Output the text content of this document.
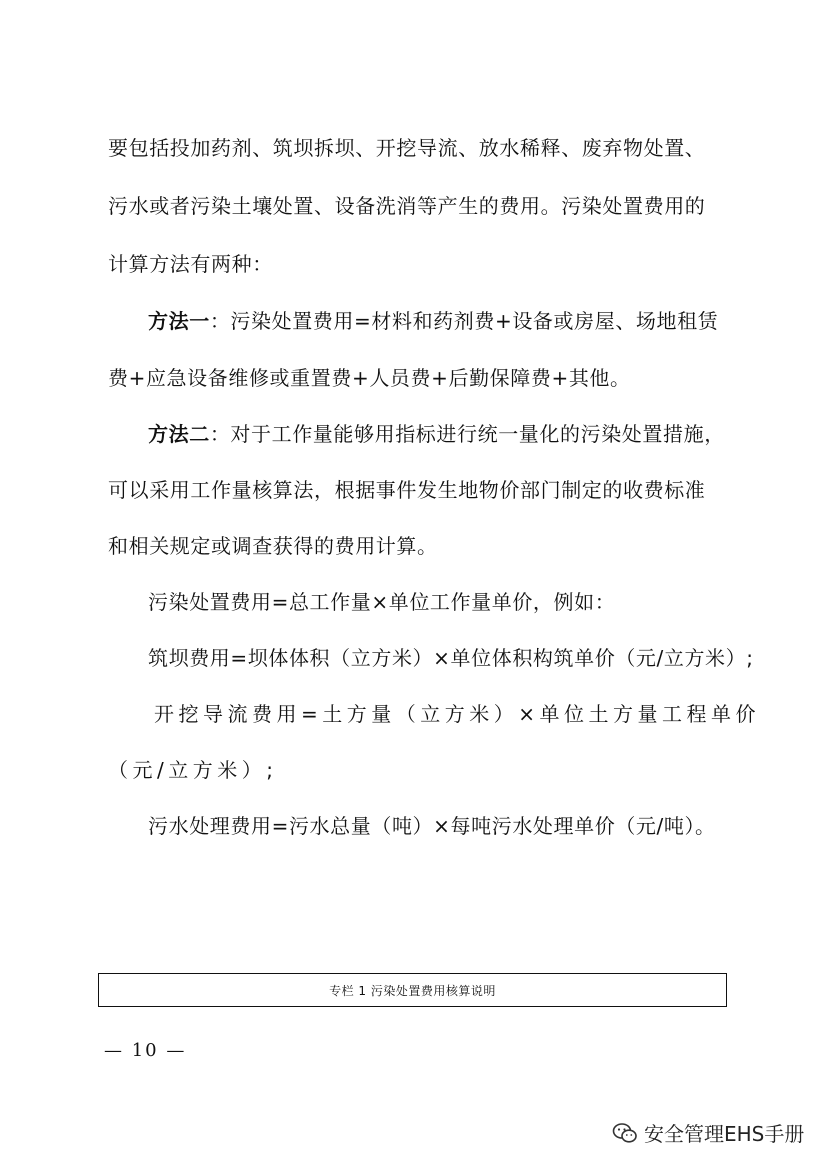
要包括投加药剂、筑坝拆坝、开挖导流、放水稀释、废弃物处置、
污水或者污染土壤处置、设备洗消等产生的费用。污染处置费用的
计算方法有两种：
方法一：污染处置费用=材料和药剂费+设备或房屋、场地租赁
费+应急设备维修或重置费+人员费+后勤保障费+其他。
方法二：对于工作量能够用指标进行统一量化的污染处置措施，
可以采用工作量核算法，根据事件发生地物价部门制定的收费标准
和相关规定或调查获得的费用计算。
污染处置费用=总工作量×单位工作量单价，例如：
筑坝费用=坝体体积（立方米）×单位体积构筑单价（元/立方米）;
开挖导流费用=土方量（立方米）×单位土方量工程单价
（元/立方米）;
污水处理费用=污水总量（吨）×每吨污水处理单价（元/吨）。
专栏 1 污染处置费用核算说明
— 10 —
安全管理EHS手册
